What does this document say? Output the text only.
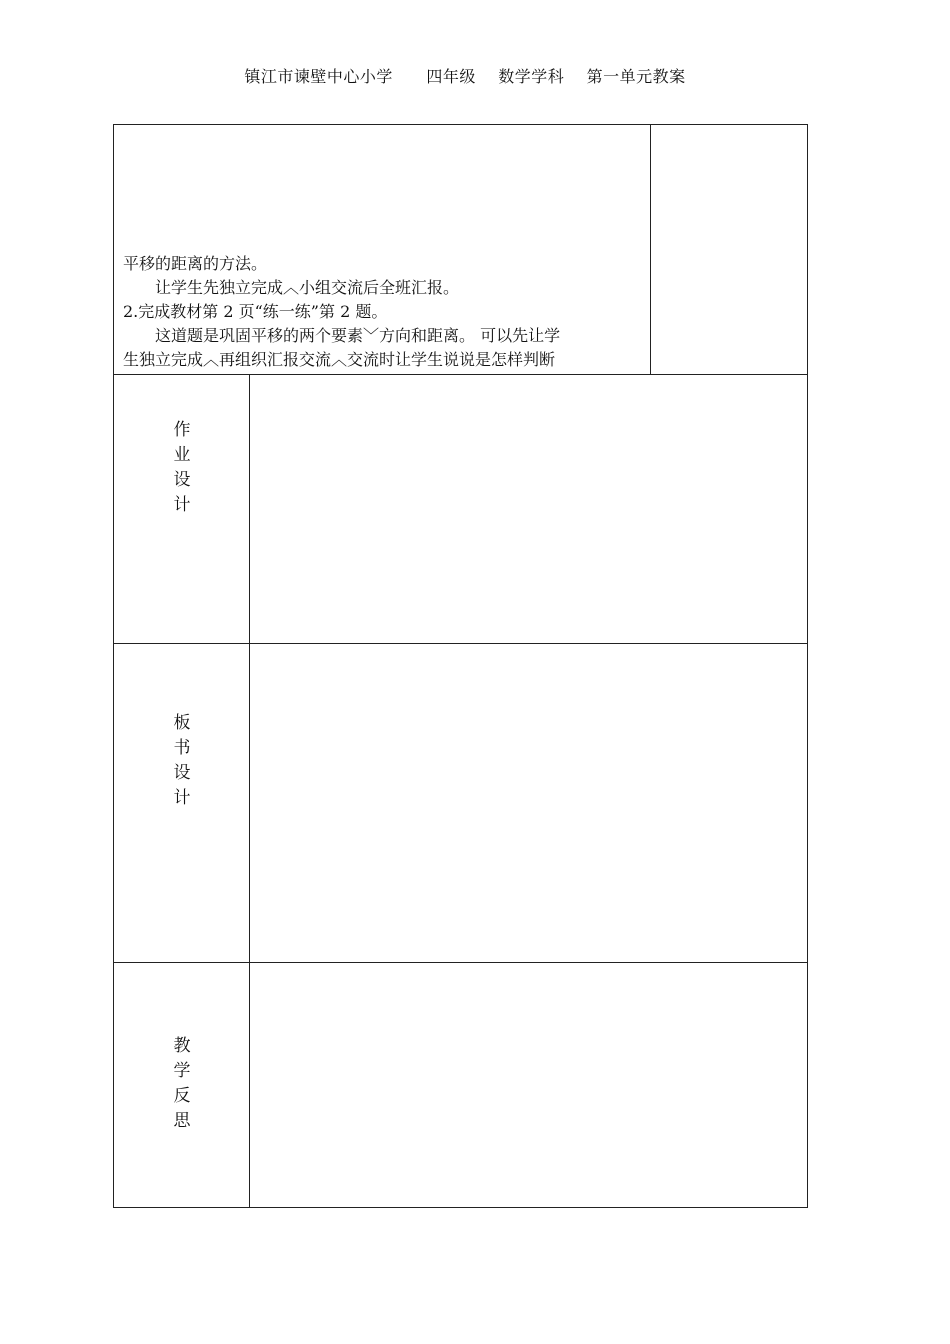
镇江市谏壁中心小学 四年级 数学学科 第一单元教案

平移的距离的方法。

让学生先独立完成︿小组交流后全班汇报。

2.完成教材第 2 页“练一练”第 2 题。

这道题是巩固平移的两个要素﹀方向和距离。 可以先让学

生独立完成︿再组织汇报交流︿交流时让学生说说是怎样判断

作
业
设
计
板
书
设
计
教
学
反
思
